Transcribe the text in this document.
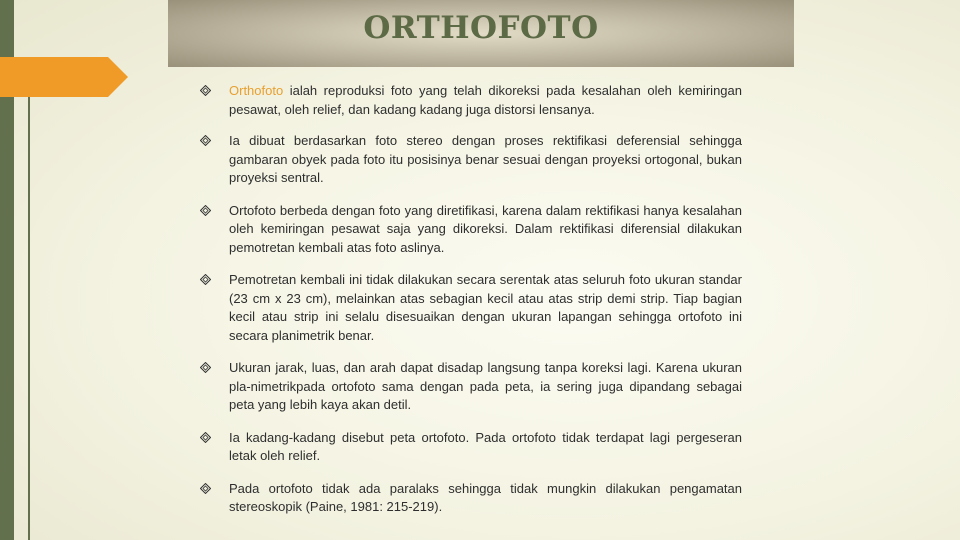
ORTHOFOTO
Orthofoto ialah reproduksi foto yang telah dikoreksi pada kesalahan oleh kemiringan pesawat, oleh relief, dan kadang kadang juga distorsi lensanya.
Ia dibuat berdasarkan foto stereo dengan proses rektifikasi deferensial sehingga gambaran obyek pada foto itu posisinya benar sesuai dengan proyeksi ortogonal, bukan proyeksi sentral.
Ortofoto berbeda dengan foto yang diretifikasi, karena dalam rektifikasi hanya kesalahan oleh kemiringan pesawat saja yang dikoreksi. Dalam rektifikasi diferensial dilakukan pemotretan kembali atas foto aslinya.
Pemotretan kembali ini tidak dilakukan secara serentak atas seluruh foto ukuran standar (23 cm x 23 cm), melainkan atas sebagian kecil atau atas strip demi strip. Tiap bagian kecil atau strip ini selalu disesuaikan dengan ukuran lapangan sehingga ortofoto ini secara planimetrik benar.
Ukuran jarak, luas, dan arah dapat disadap langsung tanpa koreksi lagi. Karena ukuran pla-nimetrikpada ortofoto sama dengan pada peta, ia sering juga dipandang sebagai peta yang lebih kaya akan detil.
Ia kadang-kadang disebut peta ortofoto. Pada ortofoto tidak terdapat lagi pergeseran letak oleh relief.
Pada ortofoto tidak ada paralaks sehingga tidak mungkin dilakukan pengamatan stereoskopik (Paine, 1981: 215-219).
